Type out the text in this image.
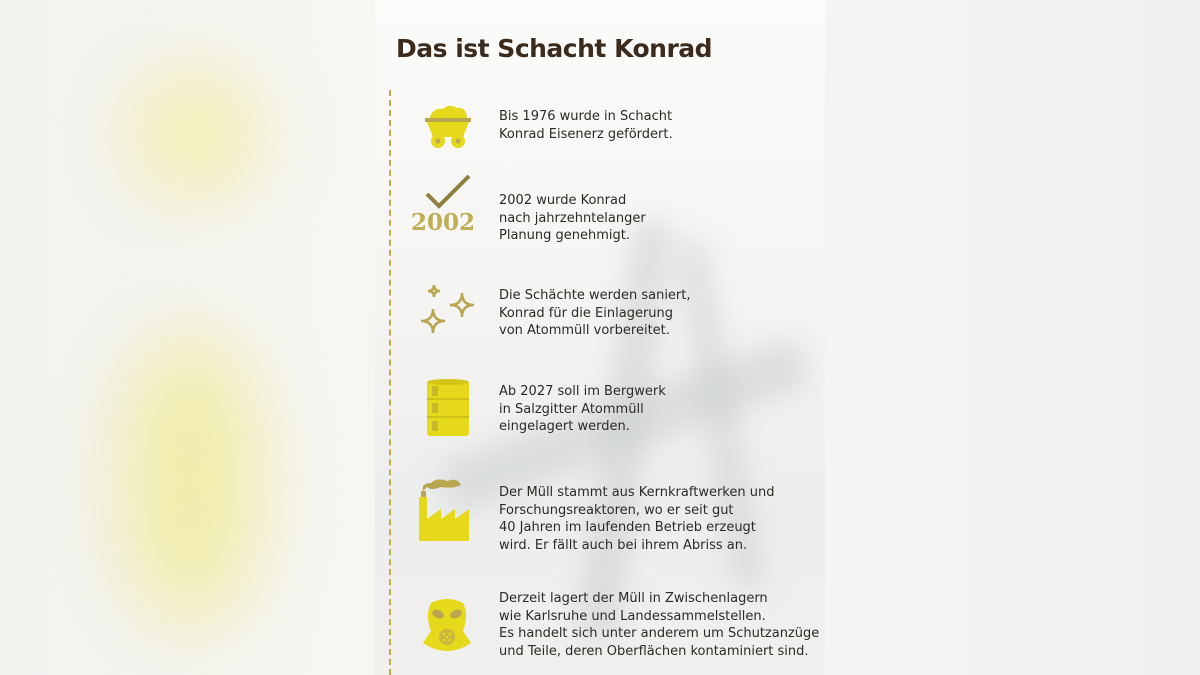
Das ist Schacht Konrad
Bis 1976 wurde in Schacht
Konrad Eisenerz gefördert.
2002
2002 wurde Konrad
nach jahrzehntelanger
Planung genehmigt.
Die Schächte werden saniert,
Konrad für die Einlagerung
von Atommüll vorbereitet.
Ab 2027 soll im Bergwerk
in Salzgitter Atommüll
eingelagert werden.
Der Müll stammt aus Kernkraftwerken und
Forschungsreaktoren, wo er seit gut
40 Jahren im laufenden Betrieb erzeugt
wird. Er fällt auch bei ihrem Abriss an.
Derzeit lagert der Müll in Zwischenlagern
wie Karlsruhe und Landessammelstellen.
Es handelt sich unter anderem um Schutzanzüge
und Teile, deren Oberflächen kontaminiert sind.
